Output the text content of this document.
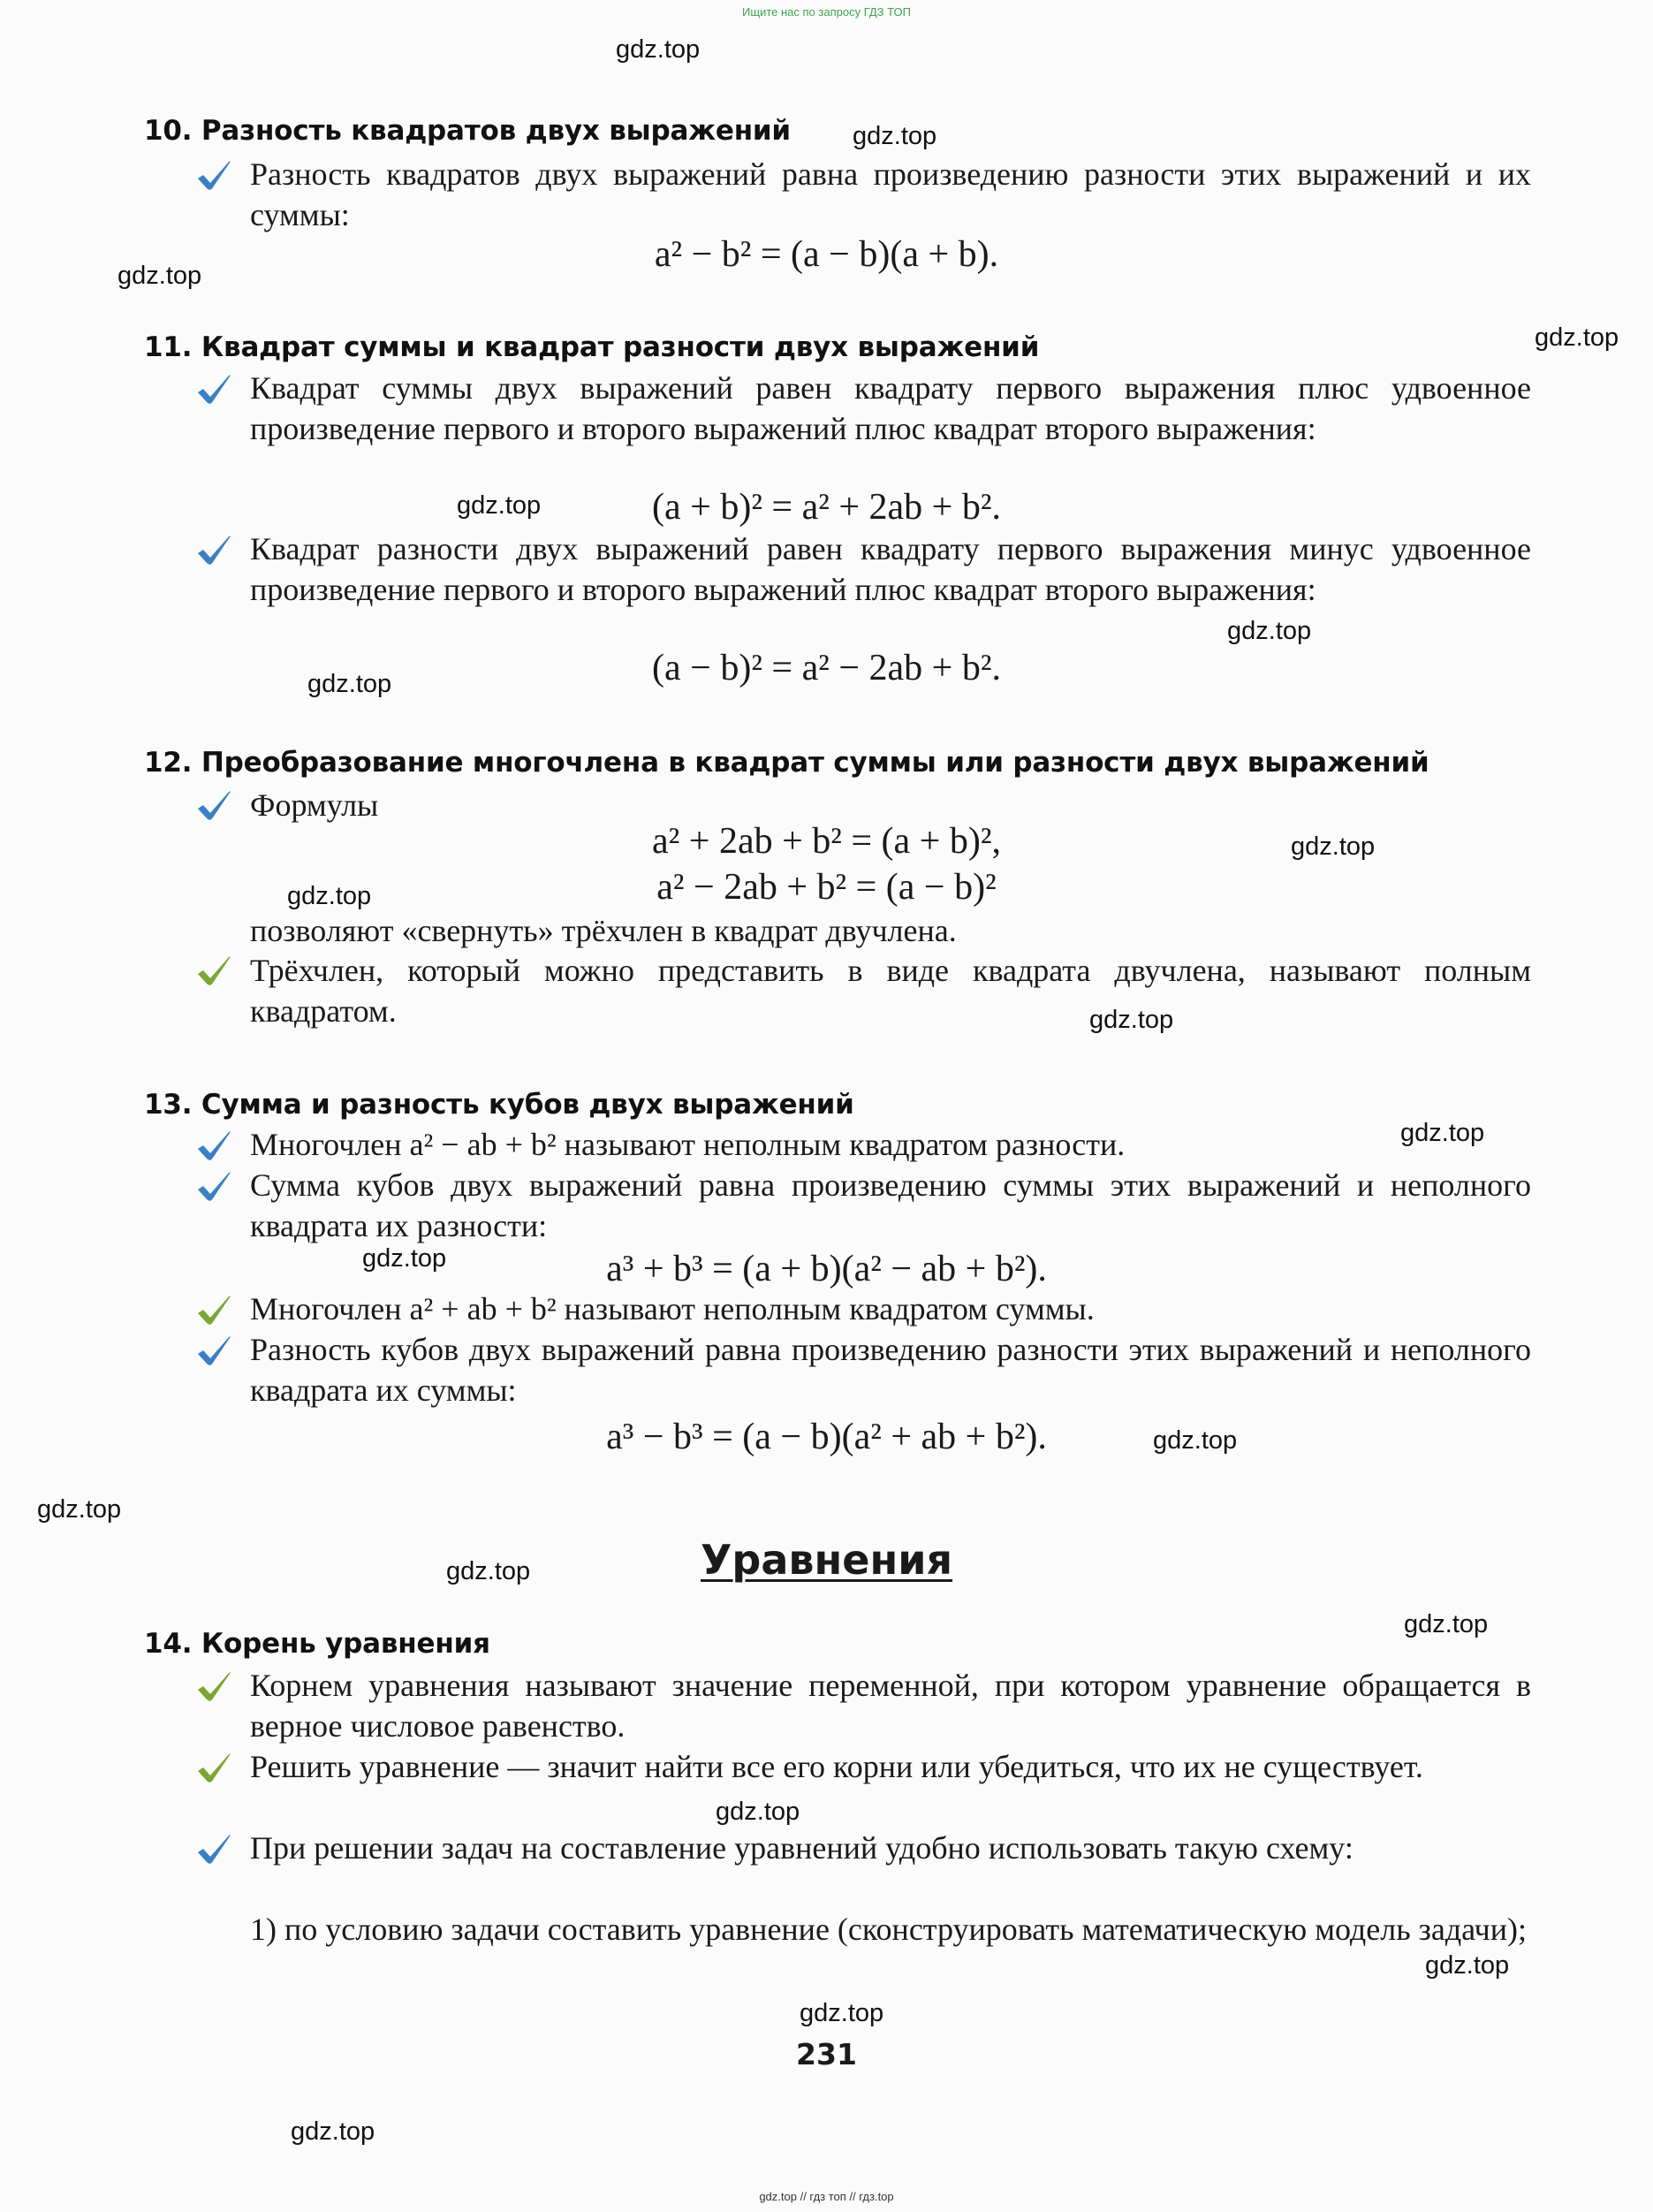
Ищите нас по запросу ГДЗ ТОП
10. Разность квадратов двух выражений
Разность квадратов двух выражений равна произведению разности этих выражений и их суммы:
a² − b² = (a − b)(a + b).
11. Квадрат суммы и квадрат разности двух выражений
Квадрат суммы двух выражений равен квадрату первого выражения плюс удвоенное произведение первого и второго выражений плюс квадрат второго выражения:
(a + b)² = a² + 2ab + b².
Квадрат разности двух выражений равен квадрату первого выражения минус удвоенное произведение первого и второго выражений плюс квадрат второго выражения:
(a − b)² = a² − 2ab + b².
12. Преобразование многочлена в квадрат суммы или разности двух выражений
Формулы
a² + 2ab + b² = (a + b)²,
a² − 2ab + b² = (a − b)²
позволяют «свернуть» трёхчлен в квадрат двучлена.
Трёхчлен, который можно представить в виде квадрата двучлена, называют полным квадратом.
13. Сумма и разность кубов двух выражений
Многочлен a² − ab + b² называют неполным квадратом разности.
Сумма кубов двух выражений равна произведению суммы этих выражений и неполного квадрата их разности:
a³ + b³ = (a + b)(a² − ab + b²).
Многочлен a² + ab + b² называют неполным квадратом суммы.
Разность кубов двух выражений равна произведению разности этих выражений и неполного квадрата их суммы:
a³ − b³ = (a − b)(a² + ab + b²).
Уравнения
14. Корень уравнения
Корнем уравнения называют значение переменной, при котором уравнение обращается в верное числовое равенство.
Решить уравнение — значит найти все его корни или убедиться, что их не существует.
При решении задач на составление уравнений удобно использовать такую схему:
1) по условию задачи составить уравнение (сконструировать математическую модель задачи);
231
gdz.top
gdz.top
gdz.top
gdz.top
gdz.top
gdz.top
gdz.top
gdz.top
gdz.top
gdz.top
gdz.top
gdz.top
gdz.top
gdz.top
gdz.top
gdz.top
gdz.top
gdz.top
gdz.top
gdz.top
gdz.top // гдз топ // гдз.top
